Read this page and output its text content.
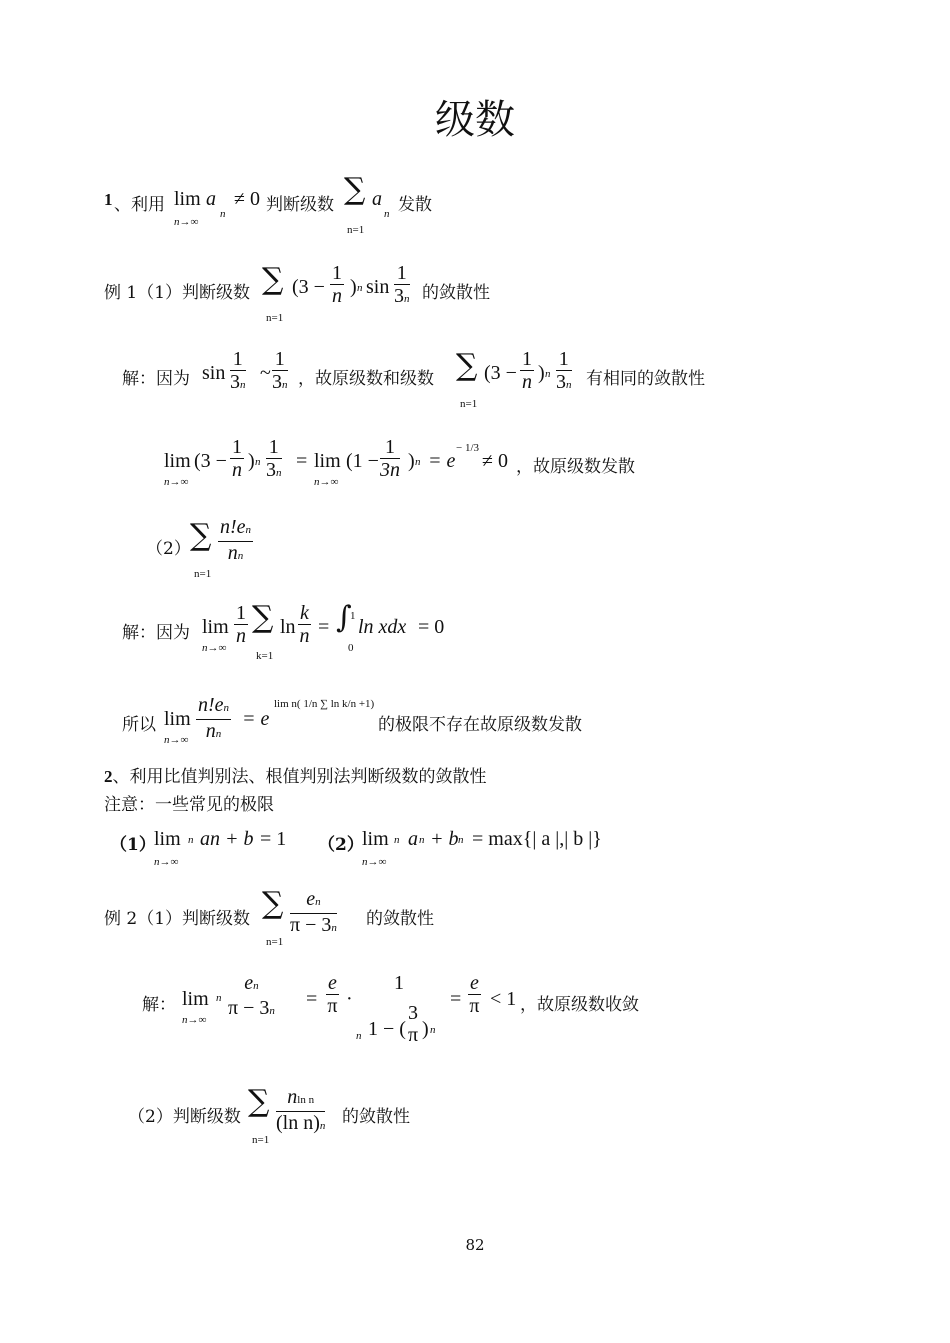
级数
1 、利用 lim a
n
n→∞
≠ 0 判断级数 ∑ a
n
n=1
发散
例 1（1）判断级数 ∑
n=1
($3 - \frac{1}{n}$ ) n $\sin \frac{1}{3n}$ 的敛散性
解：因为 $\sin \frac{1}{3n}$ ~ $\frac{1}{3n}$ ，故原级数和级数 ∑
n=1
($3 - \frac{1}{n}$ ) n $\frac{1}{3n}$ 有相同的敛散性
lim
n→∞
($3 - \frac{1}{n}$ ) n $\frac{1}{3n} = \lim$
n→∞
($1 - \frac{1}{3n}$ ) n = e
− 1/3
≠ 0 ，故原级数发散
（2） ∑
n=1
$\frac{n!en}{nn}$
解：因为 lim
n→∞
$\frac{1}{n}$ ∑
k=1
$\ln \frac{k}{n}$ = ∫
1
0
ln xdx = 0
所以 lim
$n\to\infty \frac{n!en}{nn} = e$
lim n( 1/n ∑ ln k/n +1)
的极限不存在故原级数发散
2、利用比值判别法、根值判别法判断级数的敛散性
注意：一些常见的极限
（1）
lim
n→∞
n an + b = 1 （2）
lim
n→∞
n a n + b n = max{| a |,| b |}
例 2（1）判断级数 ∑
n=1
$\frac{en}{\pi - 3n}$ 的敛散性
解： lim
n→∞
n
en
π − 3n
= $\frac{e}{\pi}$ ·
1
n 1 − (
3
π ) n
= $\frac{e}{\pi} < 1$ ，故原级数收敛
（2）判断级数 ∑
n=1
$\frac{\text{nln n}}{\text{(ln n)n}}$ 的敛散性
82
